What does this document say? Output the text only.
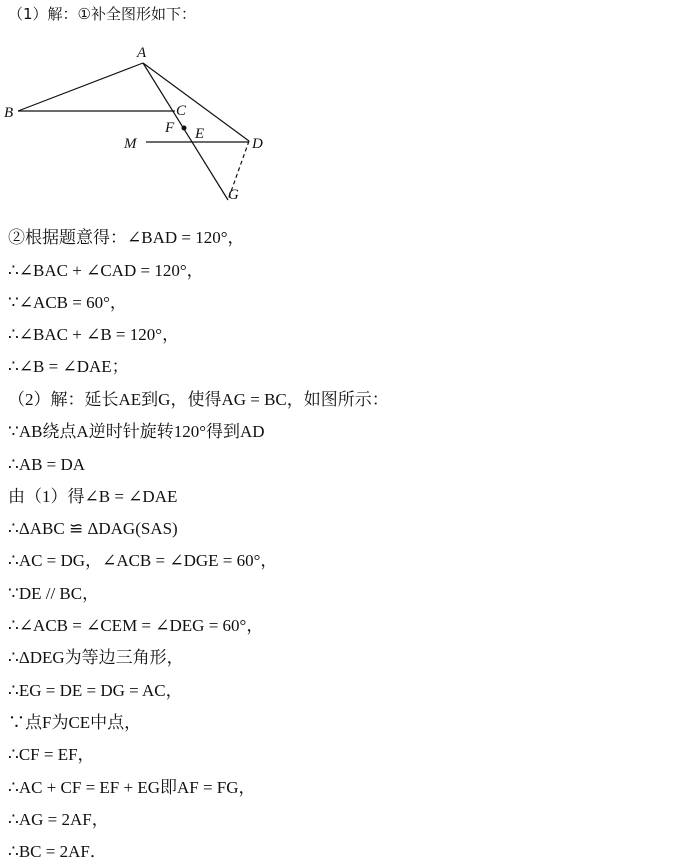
（1）解：①补全图形如下：
A
B	C
F E
M	D
G
②根据题意得：∠BAD = 120°，
∴∠BAC + ∠CAD = 120°，
∵∠ACB = 60°，
∴∠BAC + ∠B = 120°，
∴∠B = ∠DAE；
（2）解：延长AE到G，使得AG = BC，如图所示：
∵AB绕点A逆时针旋转120°得到AD
∴AB = DA
由（1）得∠B = ∠DAE
∴ΔABC ≌ ΔDAG(SAS)
∴AC = DG，∠ACB = ∠DGE = 60°，
∵DE // BC，
∴∠ACB = ∠CEM = ∠DEG = 60°，
∴ΔDEG为等边三角形，
∴EG = DE = DG = AC，
∵点F为CE中点，
∴CF = EF，
∴AC + CF = EF + EG即AF = FG，
∴AG = 2AF，
∴BC = 2AF．
